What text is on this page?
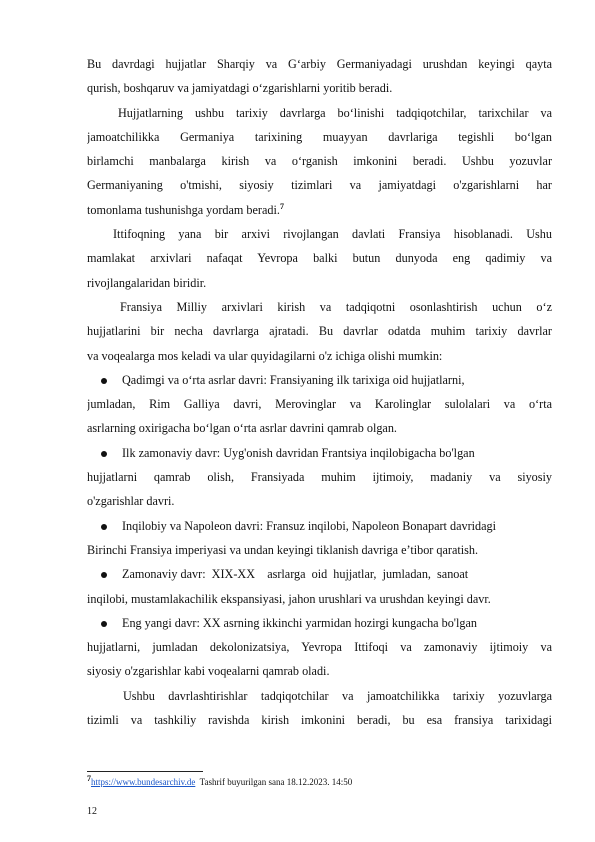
Bu davrdagi hujjatlar Sharqiy va G‘arbiy Germaniyadagi urushdan keyingi qayta
qurish, boshqaruv va jamiyatdagi o‘zgarishlarni yoritib beradi.
Hujjatlarning ushbu tarixiy davrlarga bo‘linishi tadqiqotchilar, tarixchilar va
jamoatchilikka Germaniya tarixining muayyan davrlariga tegishli bo‘lgan
birlamchi manbalarga kirish va o‘rganish imkonini beradi. Ushbu yozuvlar
Germaniyaning o'tmishi, siyosiy tizimlari va jamiyatdagi o'zgarishlarni har
tomonlama tushunishga yordam beradi.$^7$
Ittifoqning yana bir arxivi rivojlangan davlati Fransiya hisoblanadi. Ushu
mamlakat arxivlari nafaqat Yevropa balki butun dunyoda eng qadimiy va
rivojlangalaridan biridir.
Fransiya Milliy arxivlari kirish va tadqiqotni osonlashtirish uchun o‘z
hujjatlarini bir necha davrlarga ajratadi. Bu davrlar odatda muhim tarixiy davrlar
va voqealarga mos keladi va ular quyidagilarni o'z ichiga olishi mumkin:
Qadimgi va o‘rta asrlar davri: Fransiyaning ilk tarixiga oid hujjatlarni,
jumladan, Rim Galliya davri, Merovinglar va Karolinglar sulolalari va o‘rta
asrlarning oxirigacha bo‘lgan o‘rta asrlar davrini qamrab olgan.
Ilk zamonaviy davr: Uyg'onish davridan Frantsiya inqilobigacha bo'lgan
hujjatlarni qamrab olish, Fransiyada muhim ijtimoiy, madaniy va siyosiy
o'zgarishlar davri.
Inqilobiy va Napoleon davri: Fransuz inqilobi, Napoleon Bonapart davridagi
Birinchi Fransiya imperiyasi va undan keyingi tiklanish davriga e’tibor qaratish.
Zamonaviy davr:  XIX-XX    asrlarga  oid  hujjatlar,  jumladan,  sanoat
inqilobi, mustamlakachilik ekspansiyasi, jahon urushlari va urushdan keyingi davr.
Eng yangi davr: XX asrning ikkinchi yarmidan hozirgi kungacha bo'lgan
hujjatlarni, jumladan dekolonizatsiya, Yevropa Ittifoqi va zamonaviy ijtimoiy va
siyosiy o'zgarishlar kabi voqealarni qamrab oladi.
Ushbu davrlashtirishlar tadqiqotchilar va jamoatchilikka tarixiy yozuvlarga
tizimli va tashkiliy ravishda kirish imkonini beradi, bu esa fransiya tarixidagi
$^7$https://www.bundesarchiv.de  Tashrif buyurilgan sana 18.12.2023. 14:50
12
